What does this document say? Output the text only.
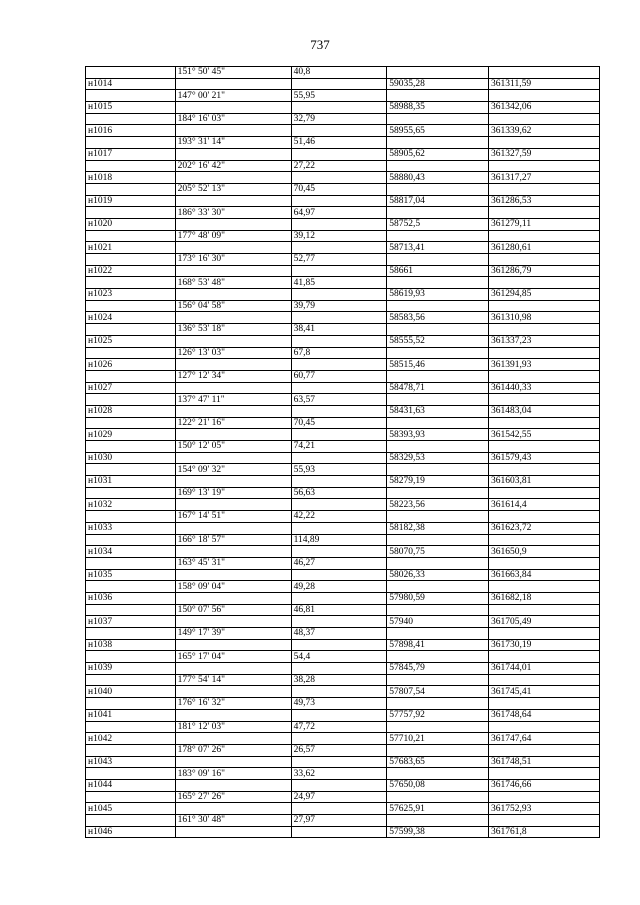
737
	151° 50' 45"	40,8		
н1014			59035,28	361311,59
	147° 00' 21"	55,95		
н1015			58988,35	361342,06
	184° 16' 03"	32,79		
н1016			58955,65	361339,62
	193° 31' 14"	51,46		
н1017			58905,62	361327,59
	202° 16' 42"	27,22		
н1018			58880,43	361317,27
	205° 52' 13"	70,45		
н1019			58817,04	361286,53
	186° 33' 30"	64,97		
н1020			58752,5	361279,11
	177° 48' 09"	39,12		
н1021			58713,41	361280,61
	173° 16' 30"	52,77		
н1022			58661	361286,79
	168° 53' 48"	41,85		
н1023			58619,93	361294,85
	156° 04' 58"	39,79		
н1024			58583,56	361310,98
	136° 53' 18"	38,41		
н1025			58555,52	361337,23
	126° 13' 03"	67,8		
н1026			58515,46	361391,93
	127° 12' 34"	60,77		
н1027			58478,71	361440,33
	137° 47' 11"	63,57		
н1028			58431,63	361483,04
	122° 21' 16"	70,45		
н1029			58393,93	361542,55
	150° 12' 05"	74,21		
н1030			58329,53	361579,43
	154° 09' 32"	55,93		
н1031			58279,19	361603,81
	169° 13' 19"	56,63		
н1032			58223,56	361614,4
	167° 14' 51"	42,22		
н1033			58182,38	361623,72
	166° 18' 57"	114,89		
н1034			58070,75	361650,9
	163° 45' 31"	46,27		
н1035			58026,33	361663,84
	158° 09' 04"	49,28		
н1036			57980,59	361682,18
	150° 07' 56"	46,81		
н1037			57940	361705,49
	149° 17' 39"	48,37		
н1038			57898,41	361730,19
	165° 17' 04"	54,4		
н1039			57845,79	361744,01
	177° 54' 14"	38,28		
н1040			57807,54	361745,41
	176° 16' 32"	49,73		
н1041			57757,92	361748,64
	181° 12' 03"	47,72		
н1042			57710,21	361747,64
	178° 07' 26"	26,57		
н1043			57683,65	361748,51
	183° 09' 16"	33,62		
н1044			57650,08	361746,66
	165° 27' 26"	24,97		
н1045			57625,91	361752,93
	161° 30' 48"	27,97		
н1046			57599,38	361761,8
